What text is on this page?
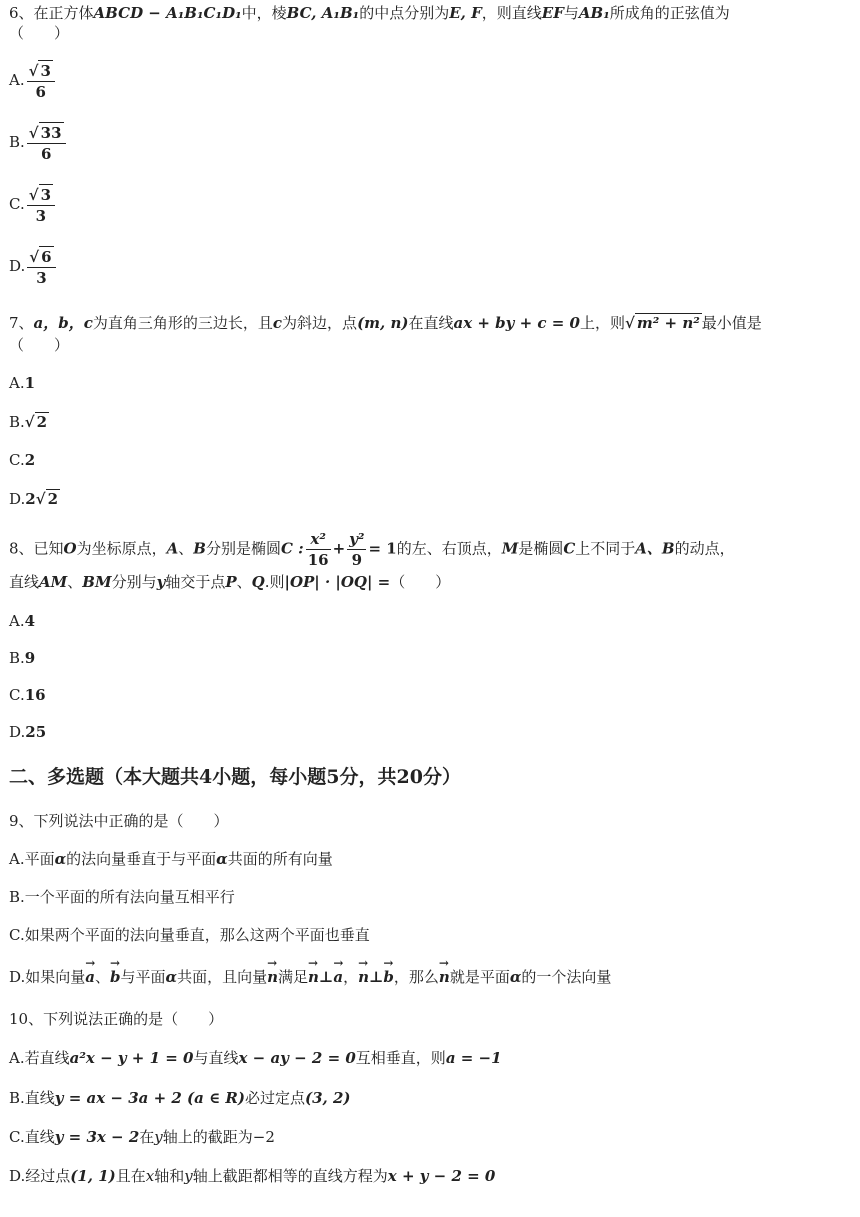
6、在正方体ABCD − A₁B₁C₁D₁中，棱BC, A₁B₁的中点分别为E, F，则直线EF与AB₁所成角的正弦值为
（　　）
A. $\frac{√ 3}{6}$
B. $\frac{√ 33}{6}$
C. $\frac{√ 3}{3}$
D. $\frac{√ 6}{3}$
7、a，b，c为直角三角形的三边长，且c为斜边，点(m, n)在直线ax + by + c = 0上，则√ m² + n² 最小值是
（　　）
A.1
B.√ 2
C.2
D.2√ 2
8、已知O为坐标原点，A、B分别是椭圆C : $\frac{\text{x²}}{16} + \frac{\text{y²}}{9} = 1$的左、右顶点，M是椭圆C上不同于A、B的动点，
直线AM、BM分别与y轴交于点P、Q.则|OP| · |OQ| =（　　）
A.4
B.9
C.16
D.25
二、多选题（本大题共4小题，每小题5分，共20分）
9、下列说法中正确的是（　　）
A.平面α的法向量垂直于与平面α共面的所有向量
B.一个平面的所有法向量互相平行
C.如果两个平面的法向量垂直，那么这两个平面也垂直
D.如果向量→ a、→ b与平面α共面，且向量→ n满足→ n⊥→ a，→ n⊥→ b，那么→ n就是平面α的一个法向量
10、下列说法正确的是（　　）
A.若直线a²x − y + 1 = 0与直线x − ay − 2 = 0互相垂直，则a = −1
B.直线y = ax − 3a + 2 (a ∈ R)必过定点(3, 2)
C.直线y = 3x − 2在y轴上的截距为−2
D.经过点(1, 1)且在x轴和y轴上截距都相等的直线方程为x + y − 2 = 0
